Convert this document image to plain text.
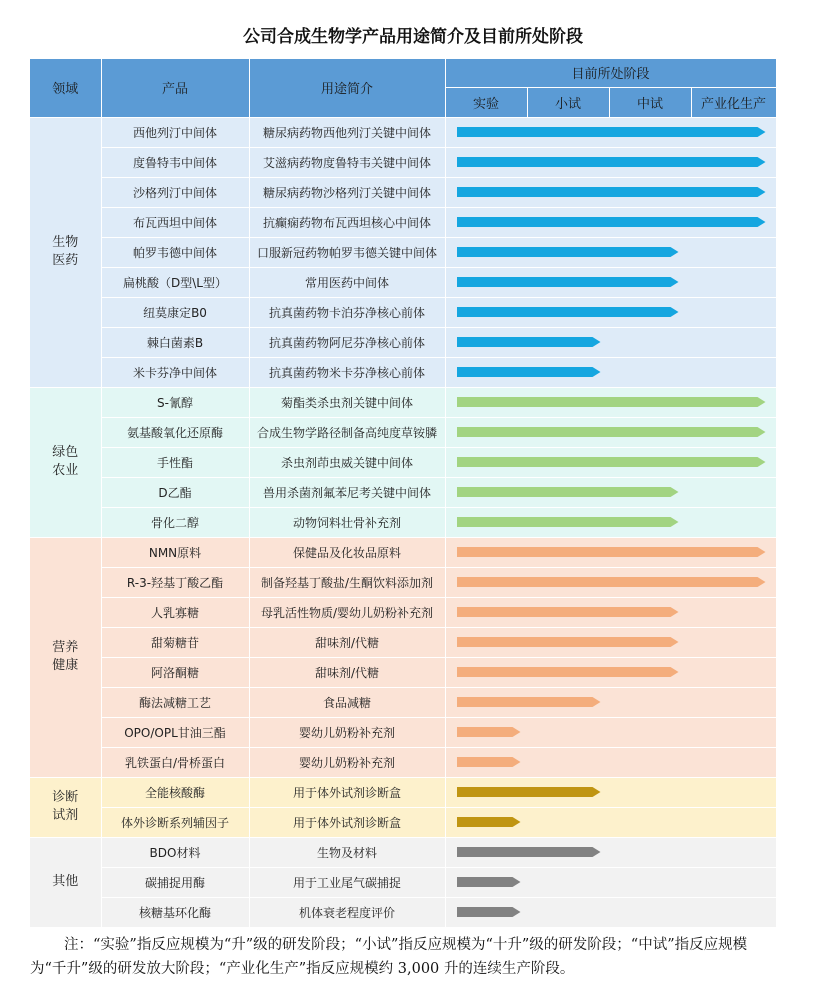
公司合成生物学产品用途简介及目前所处阶段
领域	产品	用途简介	目前所处阶段			
			实验	小试	中试	产业化生产
生物医药	西他列汀中间体	糖尿病药物西他列汀关键中间体				

	度鲁特韦中间体	艾滋病药物度鲁特韦关键中间体				

	沙格列汀中间体	糖尿病药物沙格列汀关键中间体				

	布瓦西坦中间体	抗癫痫药物布瓦西坦核心中间体				

	帕罗韦德中间体	口服新冠药物帕罗韦德关键中间体				

	扁桃酸（D型\L型）	常用医药中间体				

	纽莫康定B0	抗真菌药物卡泊芬净核心前体				

	棘白菌素B	抗真菌药物阿尼芬净核心前体				

	米卡芬净中间体	抗真菌药物米卡芬净核心前体				

绿色农业	S-氰醇	菊酯类杀虫剂关键中间体				

	氨基酸氧化还原酶	合成生物学路径制备高纯度草铵膦				

	手性酯	杀虫剂茚虫威关键中间体				

	D乙酯	兽用杀菌剂氟苯尼考关键中间体				

	骨化二醇	动物饲料壮骨补充剂				

营养健康	NMN原料	保健品及化妆品原料				

	R-3-羟基丁酸乙酯	制备羟基丁酸盐/生酮饮料添加剂				

	人乳寡糖	母乳活性物质/婴幼儿奶粉补充剂				

	甜菊糖苷	甜味剂/代糖				

	阿洛酮糖	甜味剂/代糖				

	酶法减糖工艺	食品减糖				

	OPO/OPL甘油三酯	婴幼儿奶粉补充剂				

	乳铁蛋白/骨桥蛋白	婴幼儿奶粉补充剂				

诊断试剂	全能核酸酶	用于体外试剂诊断盒				

	体外诊断系列辅因子	用于体外试剂诊断盒				

其他	BDO材料	生物及材料				

	碳捕捉用酶	用于工业尾气碳捕捉				

	核糖基环化酶	机体衰老程度评价				
注：“实验”指反应规模为“升”级的研发阶段；“小试”指反应规模为“十升”级的研发阶段；“中试”指反应规模为“千升”级的研发放大阶段；“产业化生产”指反应规模约 3,000 升的连续生产阶段。
